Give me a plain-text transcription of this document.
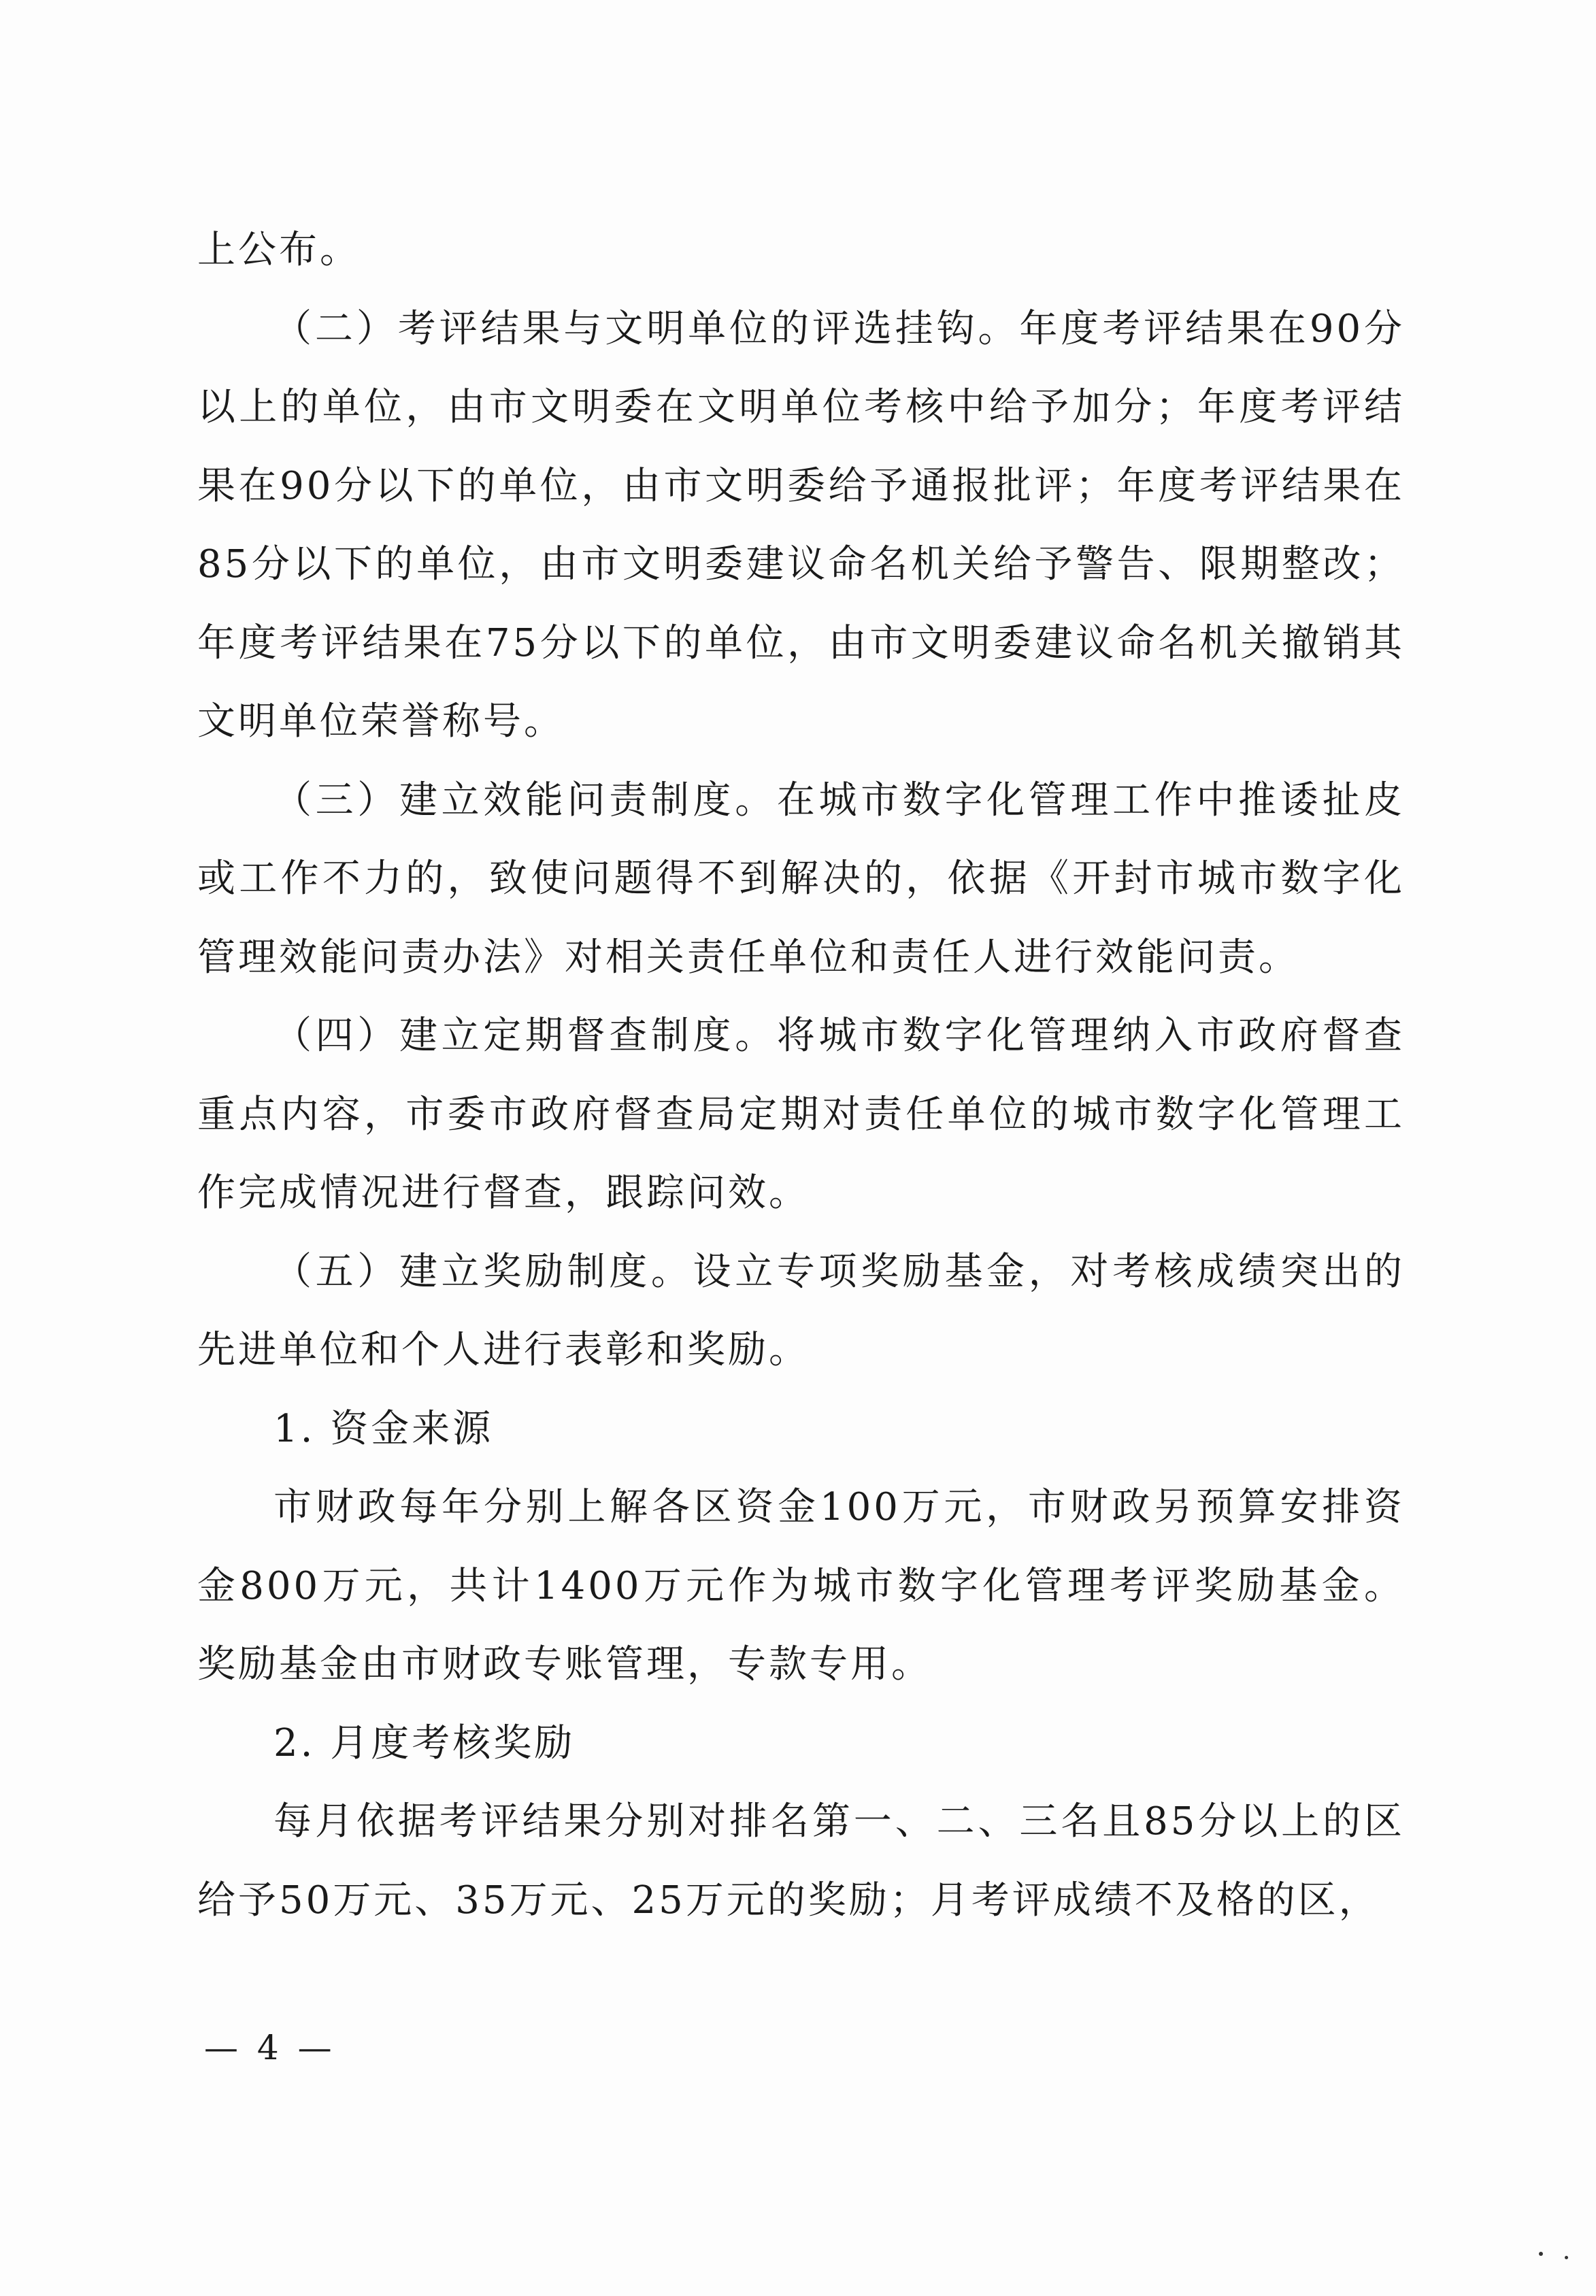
上公布。

（二）考评结果与文明单位的评选挂钩。年度考评结果在90分以上的单位，由市文明委在文明单位考核中给予加分；年度考评结果在90分以下的单位，由市文明委给予通报批评；年度考评结果在85分以下的单位，由市文明委建议命名机关给予警告、限期整改；年度考评结果在75分以下的单位，由市文明委建议命名机关撤销其文明单位荣誉称号。

（三）建立效能问责制度。在城市数字化管理工作中推诿扯皮或工作不力的，致使问题得不到解决的，依据《开封市城市数字化管理效能问责办法》对相关责任单位和责任人进行效能问责。

（四）建立定期督查制度。将城市数字化管理纳入市政府督查重点内容，市委市政府督查局定期对责任单位的城市数字化管理工作完成情况进行督查，跟踪问效。

（五）建立奖励制度。设立专项奖励基金，对考核成绩突出的先进单位和个人进行表彰和奖励。

1. 资金来源

市财政每年分别上解各区资金100万元，市财政另预算安排资金800万元，共计1400万元作为城市数字化管理考评奖励基金。奖励基金由市财政专账管理，专款专用。

2. 月度考核奖励

每月依据考评结果分别对排名第一、二、三名且85分以上的区给予50万元、35万元、25万元的奖励；月考评成绩不及格的区，

— 4 —
